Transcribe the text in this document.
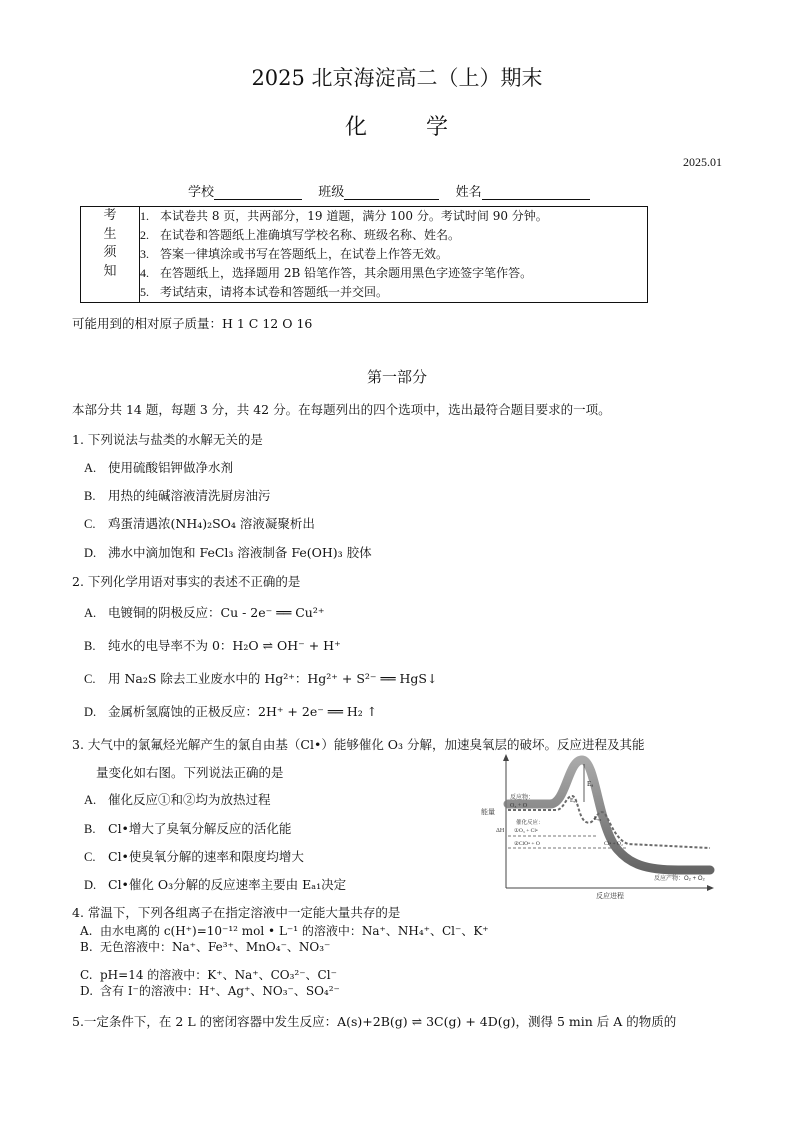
2025 北京海淀高二（上）期末
化	学
2025.01
学校	班级	姓名
考
生
须
知

1. 本试卷共 8 页，共两部分，19 道题，满分 100 分。考试时间 90 分钟。
2. 在试卷和答题纸上准确填写学校名称、班级名称、姓名。
3. 答案一律填涂或书写在答题纸上，在试卷上作答无效。
4. 在答题纸上，选择题用 2B 铅笔作答，其余题用黑色字迹签字笔作答。
5. 考试结束，请将本试卷和答题纸一并交回。
可能用到的相对原子质量：H 1 C 12 O 16
第一部分
本部分共 14 题，每题 3 分，共 42 分。在每题列出的四个选项中，选出最符合题目要求的一项。
1. 下列说法与盐类的水解无关的是
A. 使用硫酸铝钾做净水剂
B. 用热的纯碱溶液清洗厨房油污
C. 鸡蛋清遇浓(NH₄)₂SO₄ 溶液凝聚析出
D. 沸水中滴加饱和 FeCl₃ 溶液制备 Fe(OH)₃ 胶体
2. 下列化学用语对事实的表述不正确的是
A. 电镀铜的阴极反应：Cu - 2e⁻ ══ Cu²⁺
B. 纯水的电导率不为 0：H₂O ⇌ OH⁻ + H⁺
C. 用 Na₂S 除去工业废水中的 Hg²⁺：Hg²⁺ + S²⁻ ══ HgS↓
D. 金属析氢腐蚀的正极反应：2H⁺ + 2e⁻ ══ H₂ ↑
3. 大气中的氯氟烃光解产生的氯自由基（Cl•）能够催化 O₃ 分解，加速臭氧层的破坏。反应进程及其能
量变化如右图。下列说法正确的是
A. 催化反应①和②均为放热过程
B. Cl•增大了臭氧分解反应的活化能
C. Cl•使臭氧分解的速率和限度均增大
D. Cl•催化 O₃分解的反应速率主要由 Eₐ₁决定
能量
反应进程
Eₐ
Eₐ₁
Eₐ₂
反应物：
O₃ + O
催化反应：
①O₃ + Cl•
②ClO• + O	Cl• + O₂
ΔH
反应产物：O₂ + O₂
4. 常温下，下列各组离子在指定溶液中一定能大量共存的是
A. 由水电离的 c(H⁺)=10⁻¹² mol • L⁻¹ 的溶液中：Na⁺、NH₄⁺、Cl⁻、K⁺
B. 无色溶液中：Na⁺、Fe³⁺、MnO₄⁻、NO₃⁻
C. pH=14 的溶液中：K⁺、Na⁺、CO₃²⁻、Cl⁻
D. 含有 I⁻的溶液中：H⁺、Ag⁺、NO₃⁻、SO₄²⁻
5.一定条件下，在 2 L 的密闭容器中发生反应：A(s)+2B(g) ⇌ 3C(g) + 4D(g)，测得 5 min 后 A 的物质的
